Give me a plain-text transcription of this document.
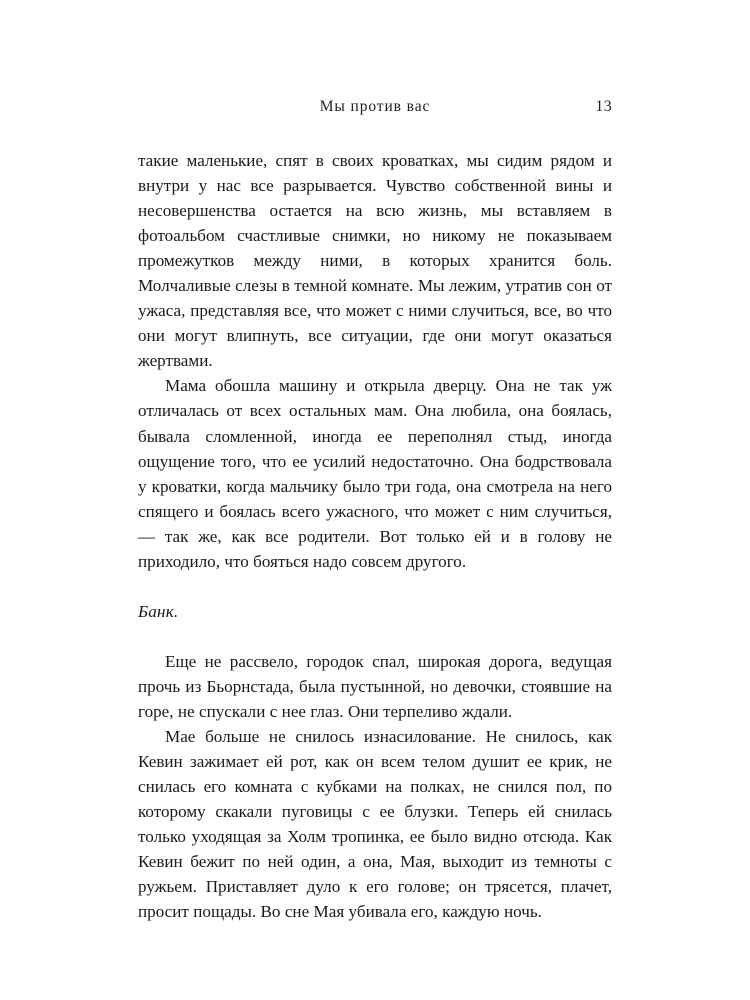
Мы против вас	13

такие маленькие, спят в своих кроватках, мы сидим рядом и внутри у нас все разрывается. Чувство собственной вины и несовершенства остается на всю жизнь, мы вставляем в фотоальбом счастливые снимки, но никому не показываем промежутков между ними, в которых хранится боль. Молчаливые слезы в темной комнате. Мы лежим, утратив сон от ужаса, представляя все, что может с ними случиться, все, во что они могут влипнуть, все ситуации, где они могут оказаться жертвами.

Мама обошла машину и открыла дверцу. Она не так уж отличалась от всех остальных мам. Она любила, она боялась, бывала сломленной, иногда ее переполнял стыд, иногда ощущение того, что ее усилий недостаточно. Она бодрствовала у кроватки, когда мальчику было три года, она смотрела на него спящего и боялась всего ужасного, что может с ним случиться, — так же, как все родители. Вот только ей и в голову не приходило, что бояться надо совсем другого.

Банк.

Еще не рассвело, городок спал, широкая дорога, ведущая прочь из Бьорнстада, была пустынной, но девочки, стоявшие на горе, не спускали с нее глаз. Они терпеливо ждали.

Мае больше не снилось изнасилование. Не снилось, как Кевин зажимает ей рот, как он всем телом душит ее крик, не снилась его комната с кубками на полках, не снился пол, по которому скакали пуговицы с ее блузки. Теперь ей снилась только уходящая за Холм тропинка, ее было видно отсюда. Как Кевин бежит по ней один, а она, Мая, выходит из темноты с ружьем. Приставляет дуло к его голове; он трясется, плачет, просит пощады. Во сне Мая убивала его, каждую ночь.
